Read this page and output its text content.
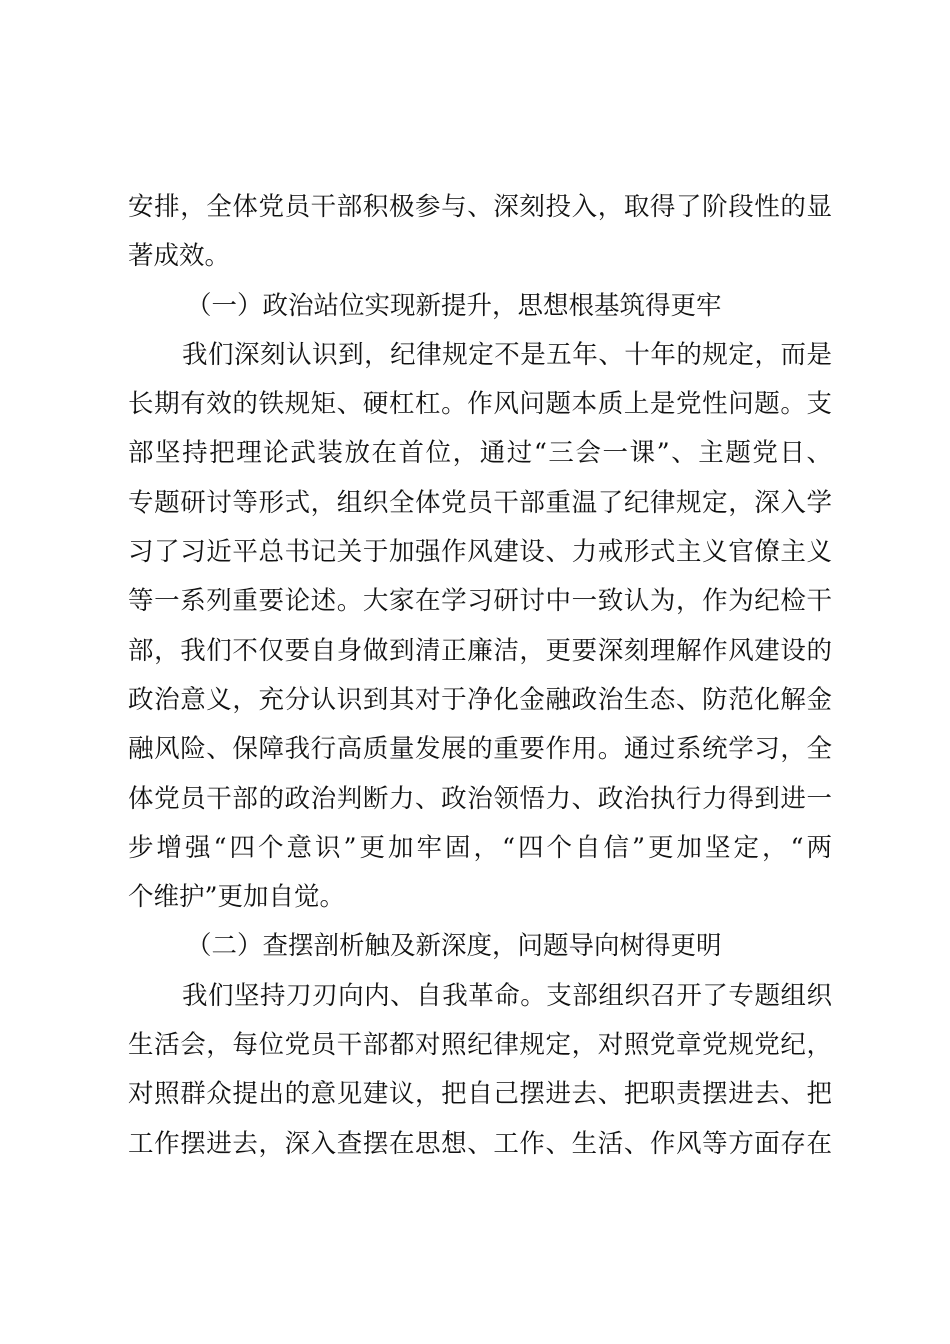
安排，全体党员干部积极参与、深刻投入，取得了阶段性的显
著成效。
（一）政治站位实现新提升，思想根基筑得更牢
我们深刻认识到，纪律规定不是五年、十年的规定，而是
长期有效的铁规矩、硬杠杠。作风问题本质上是党性问题。支
部坚持把理论武装放在首位，通过“三会一课”、主题党日、
专题研讨等形式，组织全体党员干部重温了纪律规定，深入学
习了习近平总书记关于加强作风建设、力戒形式主义官僚主义
等一系列重要论述。大家在学习研讨中一致认为，作为纪检干
部，我们不仅要自身做到清正廉洁，更要深刻理解作风建设的
政治意义，充分认识到其对于净化金融政治生态、防范化解金
融风险、保障我行高质量发展的重要作用。通过系统学习，全
体党员干部的政治判断力、政治领悟力、政治执行力得到进一
步增强“四个意识”更加牢固，“四个自信”更加坚定，“两
个维护”更加自觉。
（二）查摆剖析触及新深度，问题导向树得更明
我们坚持刀刃向内、自我革命。支部组织召开了专题组织
生活会，每位党员干部都对照纪律规定，对照党章党规党纪，
对照群众提出的意见建议，把自己摆进去、把职责摆进去、把
工作摆进去，深入查摆在思想、工作、生活、作风等方面存在
